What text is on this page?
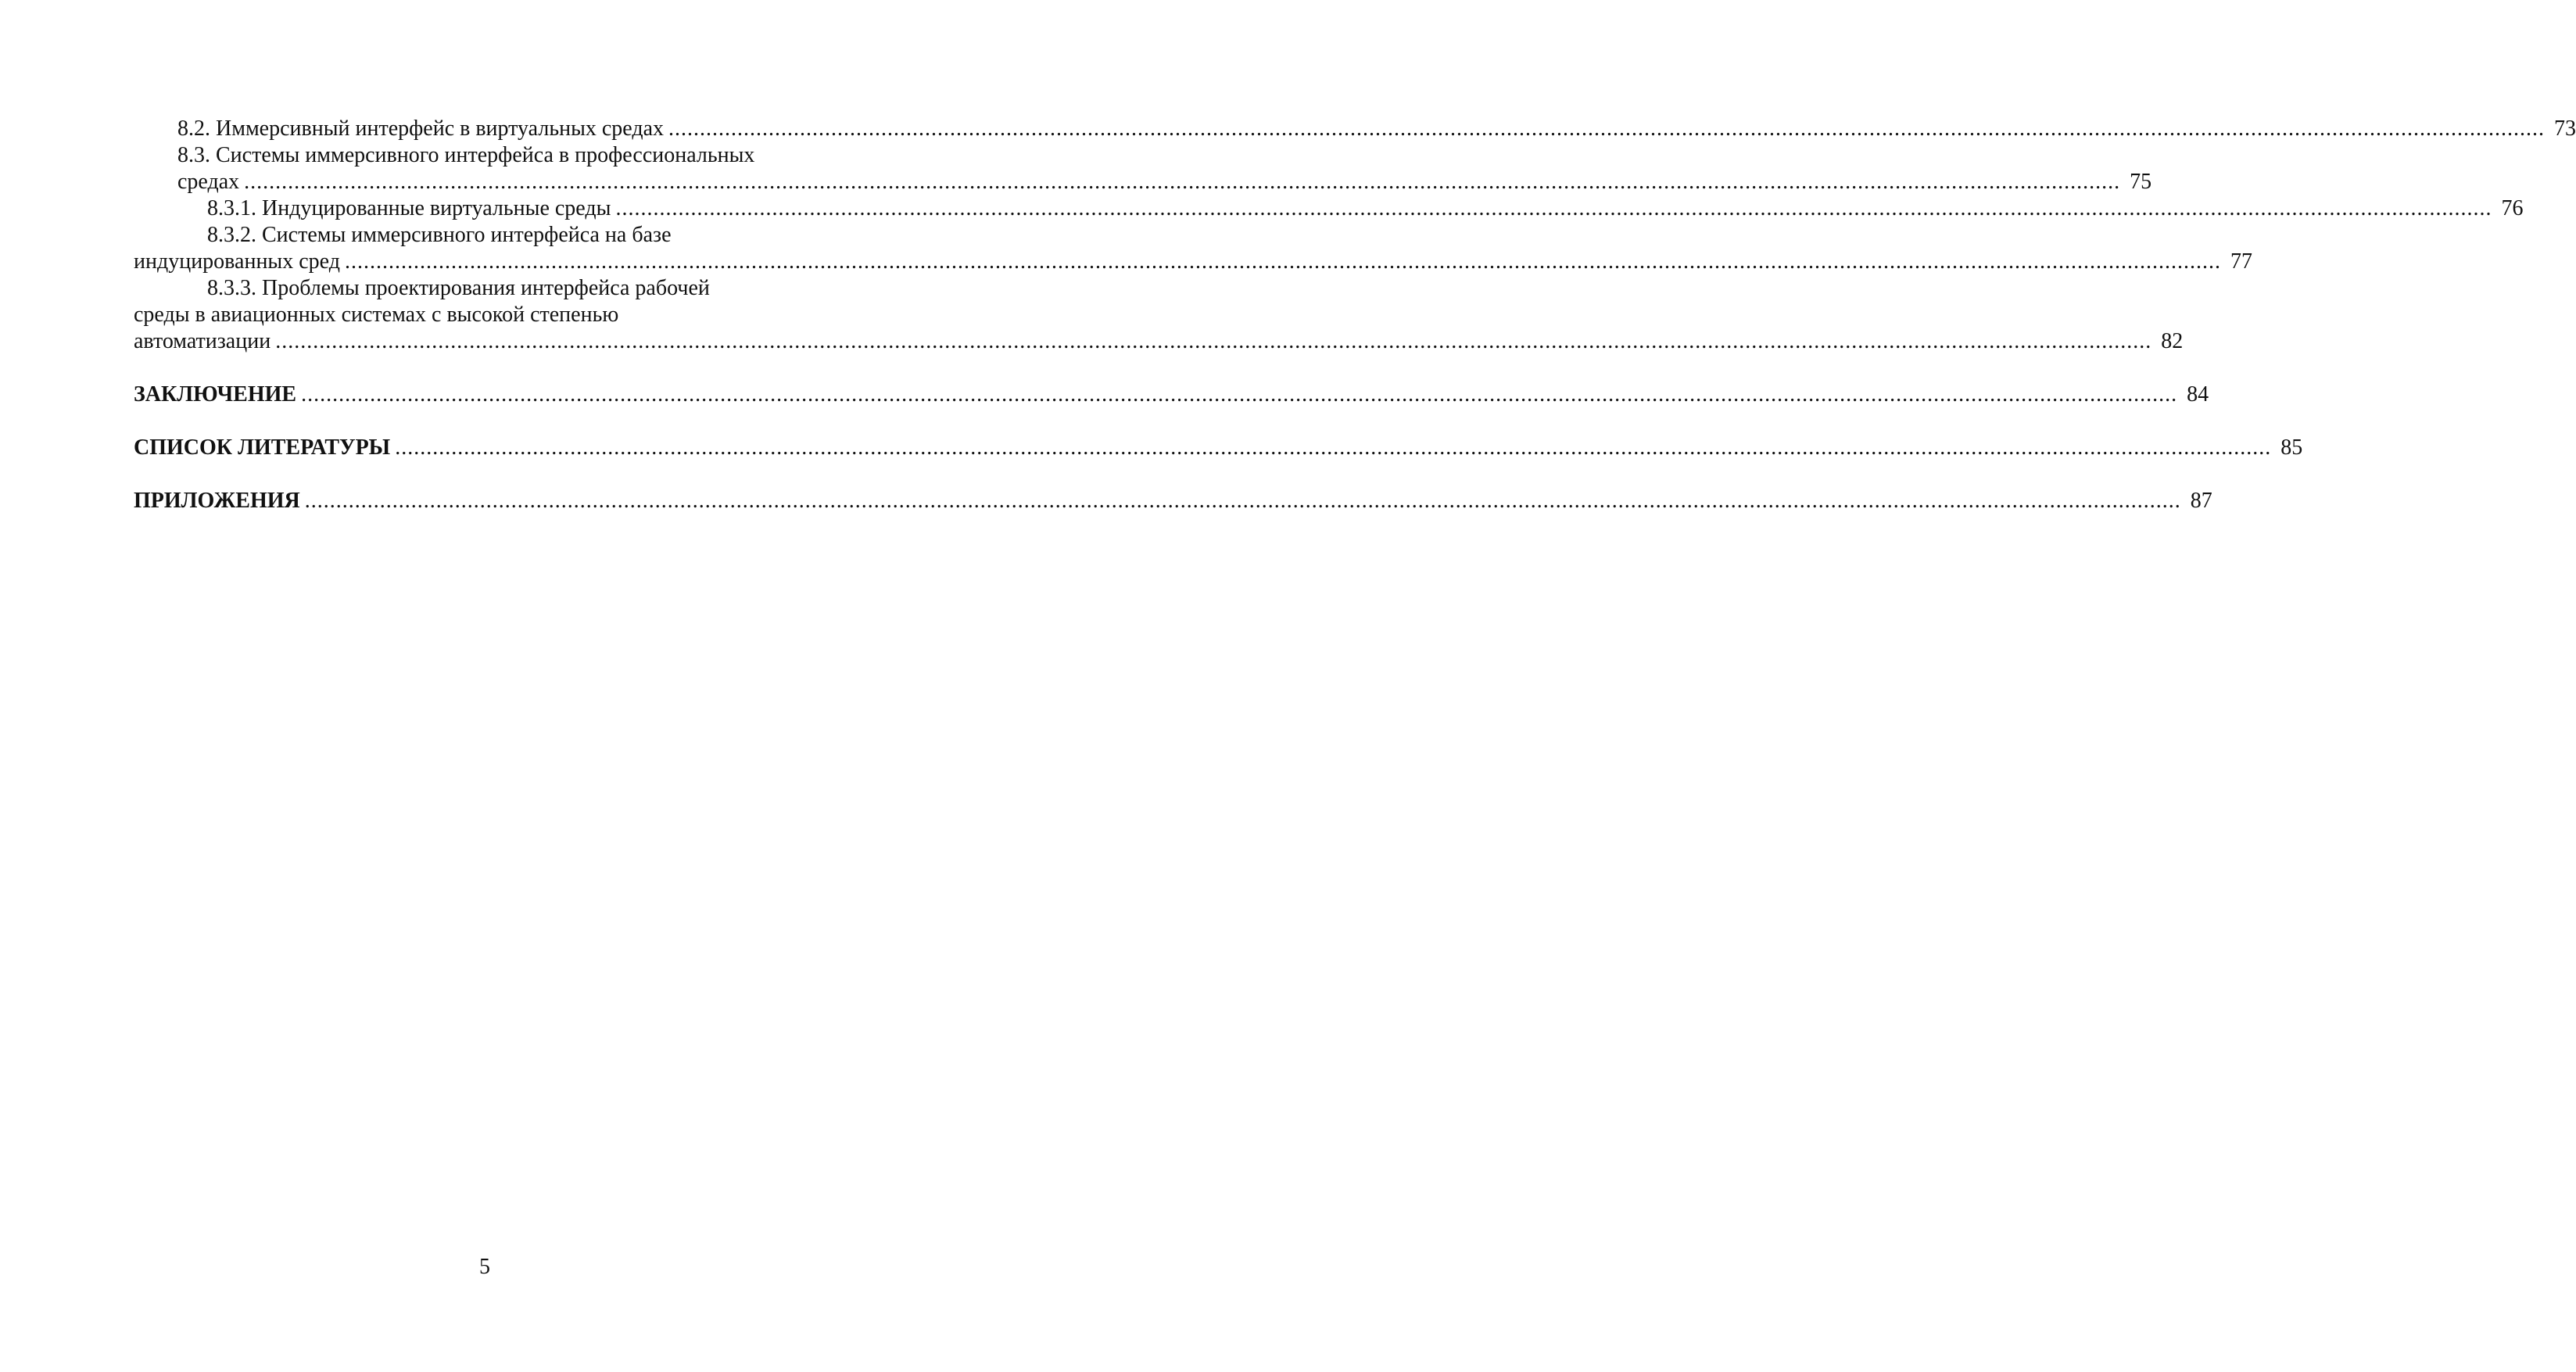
8.2. Иммерсивный интерфейс в виртуальных средах ............................................................................................................................................................................................................................................................................................................ 73
8.3. Системы иммерсивного интерфейса в профессиональных
средах ............................................................................................................................................................................................................................................................................................................ 75
8.3.1. Индуцированные виртуальные среды ............................................................................................................................................................................................................................................................................................................ 76
8.3.2. Системы иммерсивного интерфейса на базе
индуцированных сред ............................................................................................................................................................................................................................................................................................................ 77
8.3.3. Проблемы проектирования интерфейса рабочей
среды в авиационных системах с высокой степенью
автоматизации ............................................................................................................................................................................................................................................................................................................ 82
ЗАКЛЮЧЕНИЕ ............................................................................................................................................................................................................................................................................................................ 84
СПИСОК ЛИТЕРАТУРЫ ............................................................................................................................................................................................................................................................................................................ 85
ПРИЛОЖЕНИЯ ............................................................................................................................................................................................................................................................................................................ 87
5
